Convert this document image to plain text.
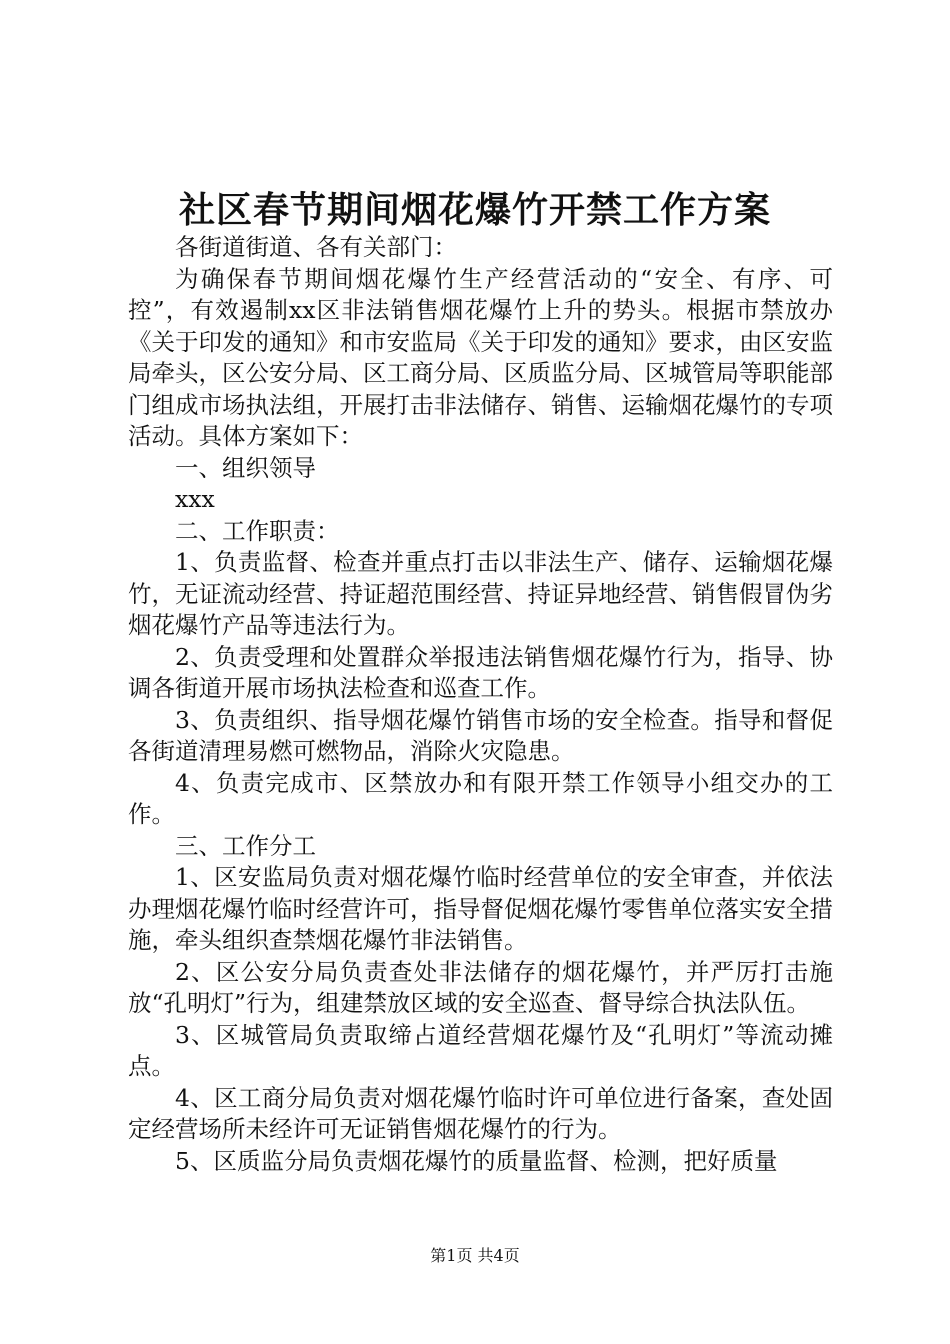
社区春节期间烟花爆竹开禁工作方案

各街道街道、各有关部门：

为确保春节期间烟花爆竹生产经营活动的“安全、有序、可控”，有效遏制xx区非法销售烟花爆竹上升的势头。根据市禁放办《关于印发的通知》和市安监局《关于印发的通知》要求，由区安监局牵头，区公安分局、区工商分局、区质监分局、区城管局等职能部门组成市场执法组，开展打击非法储存、销售、运输烟花爆竹的专项活动。具体方案如下：

一、组织领导

xxx

二、工作职责：

1、负责监督、检查并重点打击以非法生产、储存、运输烟花爆竹，无证流动经营、持证超范围经营、持证异地经营、销售假冒伪劣烟花爆竹产品等违法行为。

2、负责受理和处置群众举报违法销售烟花爆竹行为，指导、协调各街道开展市场执法检查和巡查工作。

3、负责组织、指导烟花爆竹销售市场的安全检查。指导和督促各街道清理易燃可燃物品，消除火灾隐患。

4、负责完成市、区禁放办和有限开禁工作领导小组交办的工作。

三、工作分工

1、区安监局负责对烟花爆竹临时经营单位的安全审查，并依法办理烟花爆竹临时经营许可，指导督促烟花爆竹零售单位落实安全措施，牵头组织查禁烟花爆竹非法销售。

2、区公安分局负责查处非法储存的烟花爆竹，并严厉打击施放“孔明灯”行为，组建禁放区域的安全巡查、督导综合执法队伍。

3、区城管局负责取缔占道经营烟花爆竹及“孔明灯”等流动摊点。

4、区工商分局负责对烟花爆竹临时许可单位进行备案，查处固定经营场所未经许可无证销售烟花爆竹的行为。

5、区质监分局负责烟花爆竹的质量监督、检测，把好质量

第1页 共4页
